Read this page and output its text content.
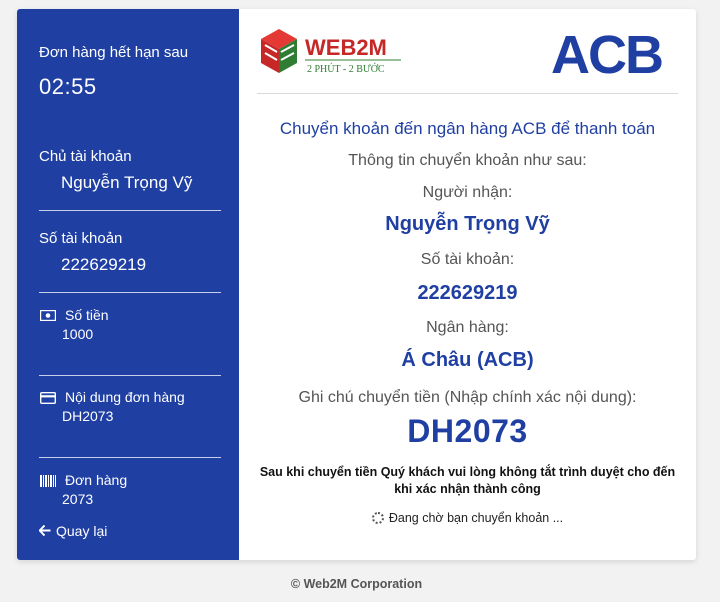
Đơn hàng hết hạn sau
02:55
Chủ tài khoản
Nguyễn Trọng Vỹ
Số tài khoản
222629219
Số tiền
1000
Nội dung đơn hàng
DH2073
Đơn hàng
2073
Quay lại
WEB2M
2 PHÚT - 2 BƯỚC	ACB
Chuyển khoản đến ngân hàng ACB để thanh toán
Thông tin chuyển khoản như sau:
Người nhận:
Nguyễn Trọng Vỹ
Số tài khoản:
222629219
Ngân hàng:
Á Châu (ACB)
Ghi chú chuyển tiền (Nhập chính xác nội dung):
DH2073
Sau khi chuyển tiền Quý khách vui lòng không tắt trình duyệt cho đến khi xác nhận thành công
Đang chờ bạn chuyển khoản ...
© Web2M Corporation
